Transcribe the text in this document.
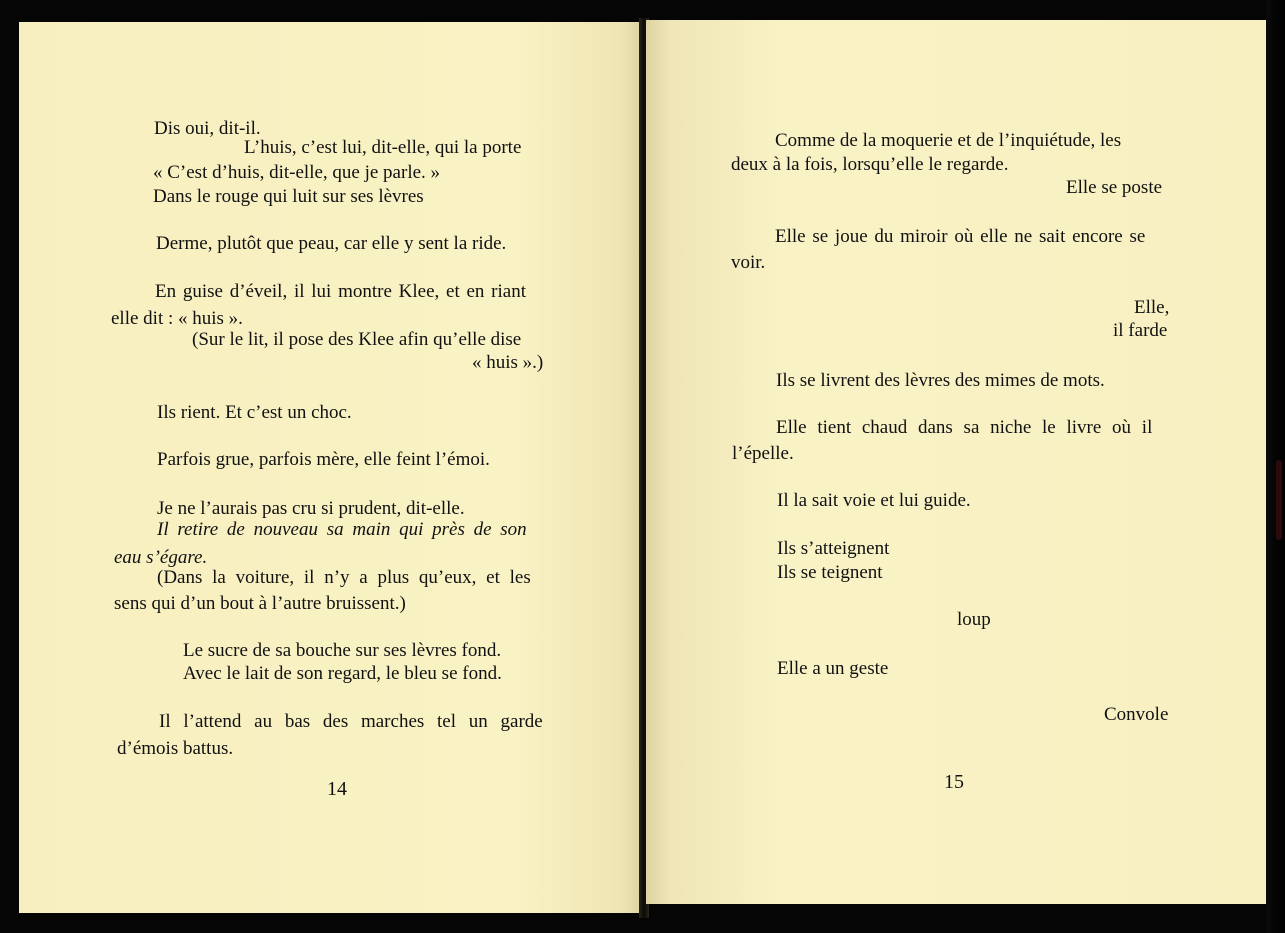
Dis oui, dit-il.
L’huis, c’est lui, dit-elle, qui la porte
« C’est d’huis, dit-elle, que je parle. »
Dans le rouge qui luit sur ses lèvres
Derme, plutôt que peau, car elle y sent la ride.
En guise d’éveil, il lui montre Klee, et en riant
elle dit : « huis ».
(Sur le lit, il pose des Klee afin qu’elle dise
« huis ».)
Ils rient. Et c’est un choc.
Parfois grue, parfois mère, elle feint l’émoi.
Je ne l’aurais pas cru si prudent, dit-elle.
Il retire de nouveau sa main qui près de son
eau s’égare.
(Dans la voiture, il n’y a plus qu’eux, et les
sens qui d’un bout à l’autre bruissent.)
Le sucre de sa bouche sur ses lèvres fond.
Avec le lait de son regard, le bleu se fond.
Il l’attend au bas des marches tel un garde
d’émois battus.
14
Comme de la moquerie et de l’inquiétude, les
deux à la fois, lorsqu’elle le regarde.
Elle se poste
Elle se joue du miroir où elle ne sait encore se
voir.
Elle,
il farde
Ils se livrent des lèvres des mimes de mots.
Elle tient chaud dans sa niche le livre où il
l’épelle.
Il la sait voie et lui guide.
Ils s’atteignent
Ils se teignent
loup
Elle a un geste
Convole
15
